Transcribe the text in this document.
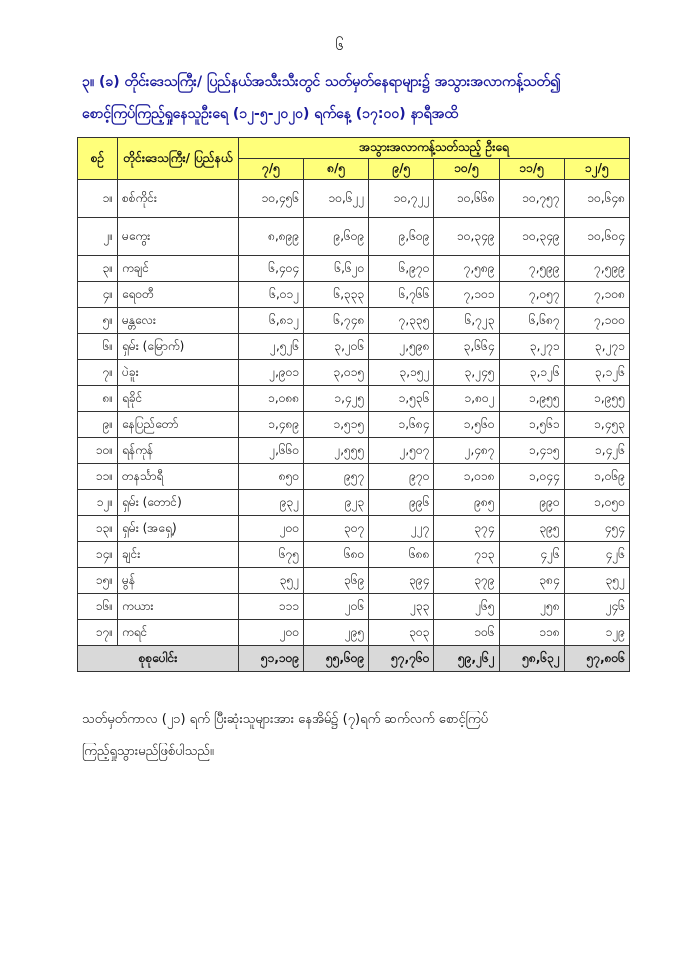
၆
၃။ (ခ) တိုင်းဒေသကြီး/ ပြည်နယ်အသီးသီးတွင် သတ်မှတ်နေရာများ၌ အသွားအလာကန့်သတ်၍
စောင့်ကြပ်ကြည့်ရှုနေသူဦးရေ (၁၂-၅-၂၀၂၀) ရက်နေ့ (၁၇:၀၀) နာရီအထိ
စဉ်	တိုင်းဒေသကြီး/ ပြည်နယ်	အသွားအလာကန့်သတ်သည့် ဦးရေ					
		၇/၅	၈/၅	၉/၅	၁၀/၅	၁၁/၅	၁၂/၅
၁။	စစ်ကိုင်း	၁၀,၄၅၆	၁၀,၆၂၂	၁၀,၇၂၂	၁၀,၆၆၈	၁၀,၇၅၇	၁၀,၆၄၈
၂။	မကွေး	၈,၈၉၉	၉,၆၀၉	၉,၆၀၉	၁၀,၃၄၉	၁၀,၃၄၉	၁၀,၆၀၄
၃။	ကချင်	၆,၄၀၄	၆,၆၂၀	၆,၉၇၀	၇,၅၈၉	၇,၅၉၉	၇,၅၉၉
၄။	ရေ၀တီ	၆,၀၁၂	၆,၃၃၃	၆,၇၆၆	၇,၁၀၁	၇,၀၅၇	၇,၁၀၈
၅။	မန္တလေး	၆,၈၁၂	၆,၇၄၈	၇,၃၃၅	၆,၇၂၃	၆,၆၈၇	၇,၁၀၀
၆။	ရှမ်း (မြောက်)	၂,၅၂၆	၃,၂၀၆	၂,၅၉၈	၃,၆၆၄	၃,၂၇၁	၃,၂၇၁
၇။	ပဲခူး	၂,၉၀၁	၃,၀၁၅	၃,၁၅၂	၃,၂၄၅	၃,၁၂၆	၃,၁၂၆
၈။	ရခိုင်	၁,၀၈၈	၁,၄၂၅	၁,၅၃၆	၁,၈၀၂	၁,၉၅၅	၁,၉၅၅
၉။	နေပြည်တော်	၁,၄၈၉	၁,၅၁၅	၁,၆၈၄	၁,၅၆၀	၁,၅၆၁	၁,၄၅၃
၁၀။	ရန်ကုန်	၂,၆၆၀	၂,၅၅၅	၂,၅၀၇	၂,၄၈၇	၁,၄၁၅	၁,၄၂၆
၁၁။	တနင်္သာရီ	၈၅၀	၉၅၇	၉၇၀	၁,၀၁၈	၁,၀၄၄	၁,၀၆၉
၁၂။	ရှမ်း (တောင်)	၉၃၂	၉၂၃	၉၉၆	၉၈၅	၉၉၀	၁,၀၅၀
၁၃။	ရှမ်း (အရှေ့)	၂၀၀	၃၀၇	၂၂၇	၃၇၄	၃၉၅	၄၅၄
၁၄။	ချင်း	၆၇၅	၆၈၀	၆၈၈	၇၁၃	၄၂၆	၄၂၆
၁၅။	မွန်	၃၅၂	၃၆၉	၃၉၄	၃၇၉	၃၈၄	၃၅၂
၁၆။	ကယား	၁၁၁	၂၀၆	၂၃၃	၂၆၅	၂၅၈	၂၄၆
၁၇။	ကရင်	၂၀၀	၂၉၅	၃၀၃	၁၀၆	၁၁၈	၁၂၉
စုစုပေါင်း		၅၁,၁၀၉	၅၅,၆၀၉	၅၇,၇၆၀	၅၉,၂၆၂	၅၈,၆၃၂	၅၇,၈၀၆
သတ်မှတ်ကာလ (၂၁) ရက် ပြီးဆုံးသူများအား နေအိမ်၌ (၇)ရက် ဆက်လက် စောင့်ကြပ်
ကြည့်ရှုသွားမည်ဖြစ်ပါသည်။
